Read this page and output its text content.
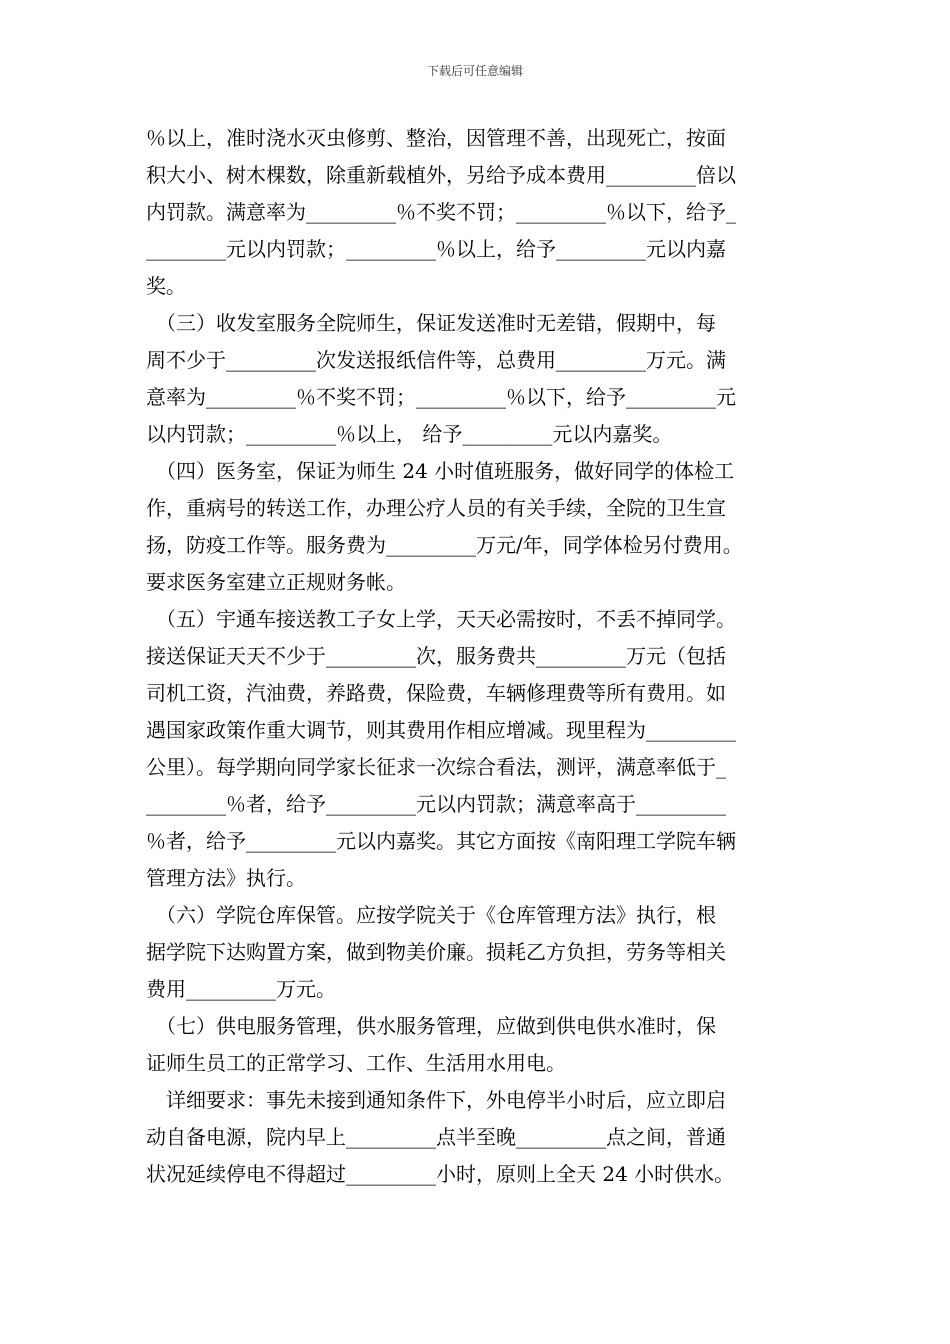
下载后可任意编辑
％以上，准时浇水灭虫修剪、整治，因管理不善，出现死亡，按面
积大小、树木棵数，除重新载植外，另给予成本费用_________倍以
内罚款。满意率为_________％不奖不罚；_________％以下，给予_
________元以内罚款；_________％以上，给予_________元以内嘉
奖。
　（三）收发室服务全院师生，保证发送准时无差错，假期中，每
周不少于_________次发送报纸信件等，总费用_________万元。满
意率为_________％不奖不罚；_________％以下，给予_________元
以内罚款；_________％以上， 给予_________元以内嘉奖。
　（四）医务室，保证为师生 24 小时值班服务，做好同学的体检工
作，重病号的转送工作，办理公疗人员的有关手续，全院的卫生宣
扬，防疫工作等。服务费为_________万元/年，同学体检另付费用。
要求医务室建立正规财务帐。
　（五）宇通车接送教工子女上学，天天必需按时，不丢不掉同学。
接送保证天天不少于_________次，服务费共_________万元（包括
司机工资，汽油费，养路费，保险费，车辆修理费等所有费用。如
遇国家政策作重大调节，则其费用作相应增减。现里程为_________
公里）。每学期向同学家长征求一次综合看法，测评，满意率低于_
________％者，给予_________元以内罚款；满意率高于_________
％者，给予_________元以内嘉奖。其它方面按《南阳理工学院车辆
管理方法》执行。
　（六）学院仓库保管。应按学院关于《仓库管理方法》执行，根
据学院下达购置方案，做到物美价廉。损耗乙方负担，劳务等相关
费用_________万元。
　（七）供电服务管理，供水服务管理，应做到供电供水准时，保
证师生员工的正常学习、工作、生活用水用电。
　详细要求：事先未接到通知条件下，外电停半小时后，应立即启
动自备电源，院内早上_________点半至晚_________点之间，普通
状况延续停电不得超过_________小时，原则上全天 24 小时供水。
